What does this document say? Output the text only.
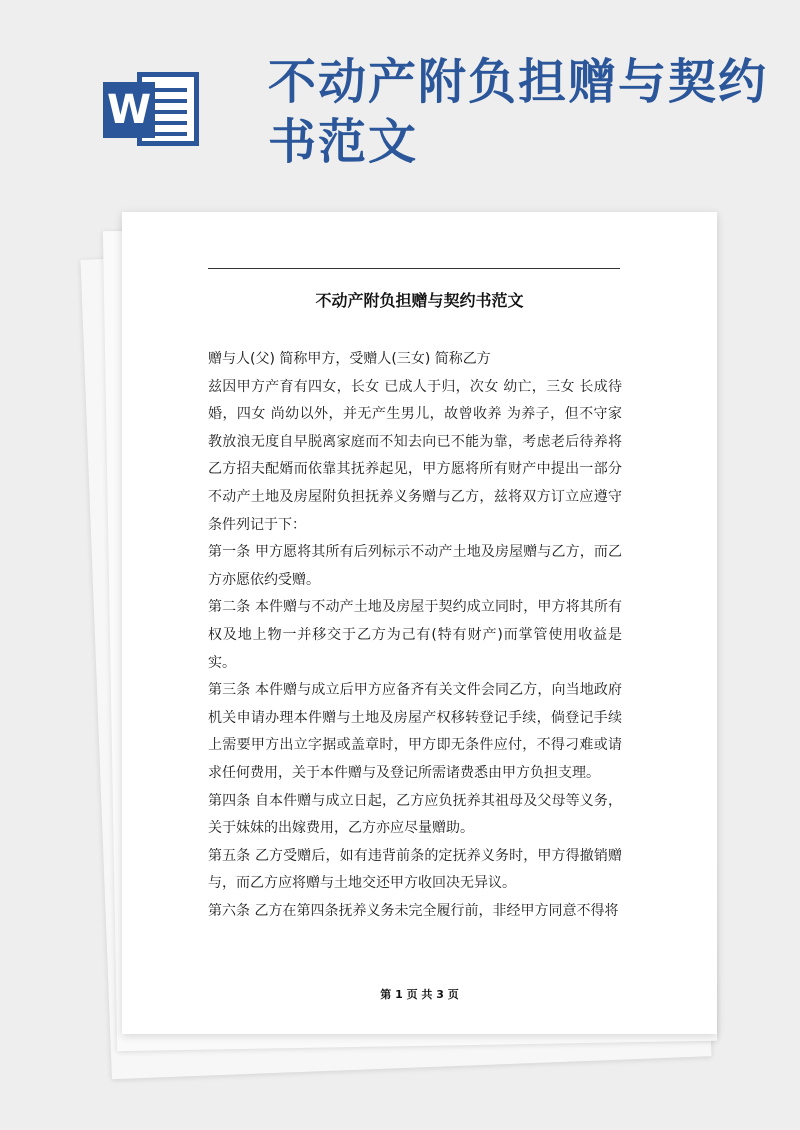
W 不动产附负担赠与契约书范文
不动产附负担赠与契约书范文

赠与人(父) 简称甲方，受赠人(三女) 简称乙方

兹因甲方产育有四女，长女 已成人于归，次女 幼亡，三女 长成待婚，四女 尚幼以外，并无产生男儿，故曾收养 为养子，但不守家教放浪无度自早脱离家庭而不知去向已不能为靠，考虑老后待养将乙方招夫配婿而依靠其抚养起见，甲方愿将所有财产中提出一部分不动产土地及房屋附负担抚养义务赠与乙方，兹将双方订立应遵守条件列记于下：

第一条 甲方愿将其所有后列标示不动产土地及房屋赠与乙方，而乙方亦愿依约受赠。

第二条 本件赠与不动产土地及房屋于契约成立同时，甲方将其所有权及地上物一并移交于乙方为己有(特有财产)而掌管使用收益是实。

第三条 本件赠与成立后甲方应备齐有关文件会同乙方，向当地政府机关申请办理本件赠与土地及房屋产权移转登记手续，倘登记手续上需要甲方出立字据或盖章时，甲方即无条件应付，不得刁难或请求任何费用，关于本件赠与及登记所需诸费悉由甲方负担支理。

第四条 自本件赠与成立日起，乙方应负抚养其祖母及父母等义务，关于妹妹的出嫁费用，乙方亦应尽量赠助。

第五条 乙方受赠后，如有违背前条的定抚养义务时，甲方得撤销赠与，而乙方应将赠与土地交还甲方收回决无异议。

第六条 乙方在第四条抚养义务未完全履行前，非经甲方同意不得将

第 1 页 共 3 页
